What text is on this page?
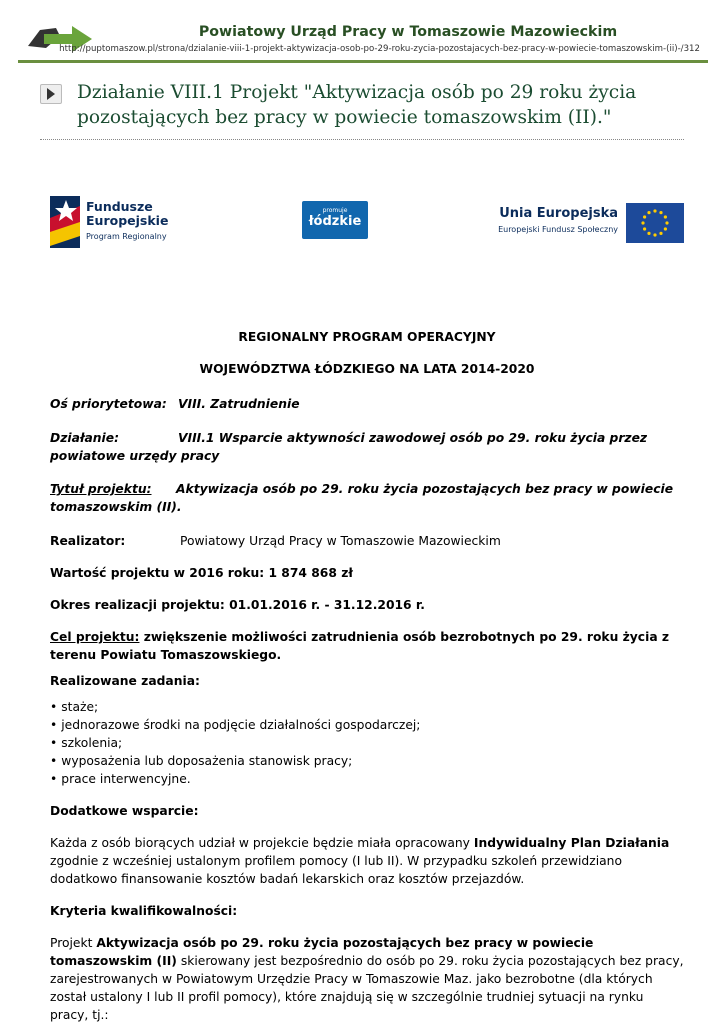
Powiatowy Urząd Pracy w Tomaszowie Mazowieckim
http://puptomaszow.pl/strona/dzialanie-viii-1-projekt-aktywizacja-osob-po-29-roku-zycia-pozostajacych-bez-pracy-w-powiecie-tomaszowskim-(ii)-/312
Działanie VIII.1 Projekt "Aktywizacja osób po 29 roku życia pozostających bez pracy w powiecie tomaszowskim (II)."
Fundusze
Europejskie
Program Regionalny
promuje
łódzkie
Unia Europejska
Europejski Fundusz Społeczny

REGIONALNY PROGRAM OPERACYJNY

WOJEWÓDZTWA ŁÓDZKIEGO NA LATA 2014-2020

Oś priorytetowa: VIII. Zatrudnienie
Działanie:	VIII.1 Wsparcie aktywności zawodowej osób po 29. roku życia przez
powiatowe urzędy pracy
Tytuł projektu:	Aktywizacja osób po 29. roku życia pozostających bez pracy w powiecie
tomaszowskim (II).
Realizator:	Powiatowy Urząd Pracy w Tomaszowie Mazowieckim

Wartość projektu w 2016 roku: 1 874 868 zł

Okres realizacji projektu: 01.01.2016 r. - 31.12.2016 r.

Cel projektu: zwiększenie możliwości zatrudnienia osób bezrobotnych po 29. roku życia z terenu Powiatu Tomaszowskiego.

Realizowane zadania:

• staże;
• jednorazowe środki na podjęcie działalności gospodarczej;
• szkolenia;
• wyposażenia lub doposażenia stanowisk pracy;
• prace interwencyjne.

Dodatkowe wsparcie:

Każda z osób biorących udział w projekcie będzie miała opracowany Indywidualny Plan Działania zgodnie z wcześniej ustalonym profilem pomocy (I lub II). W przypadku szkoleń przewidziano dodatkowo finansowanie kosztów badań lekarskich oraz kosztów przejazdów.

Kryteria kwalifikowalności:

Projekt Aktywizacja osób po 29. roku życia pozostających bez pracy w powiecie tomaszowskim (II) skierowany jest bezpośrednio do osób po 29. roku życia pozostających bez pracy, zarejestrowanych w Powiatowym Urzędzie Pracy w Tomaszowie Maz. jako bezrobotne (dla których został ustalony I lub II profil pomocy), które znajdują się w szczególnie trudniej sytuacji na rynku pracy, tj.:
